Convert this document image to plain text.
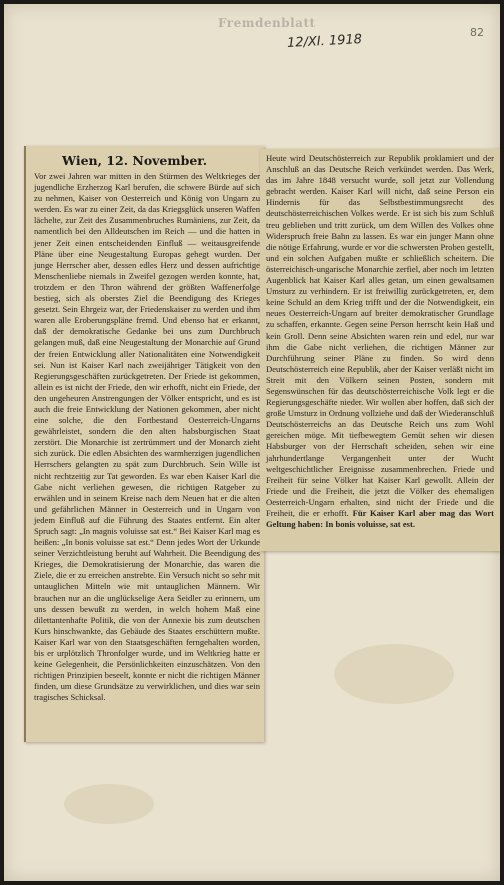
Fremdenblatt
12/XI. 1918	82
Wien, 12. November.
Vor zwei Jahren war mitten in den Stürmen des Weltkrieges der jugendliche Erzherzog Karl berufen, die schwere Bürde auf sich zu nehmen, Kaiser von Oesterreich und König von Ungarn zu werden. Es war zu einer Zeit, da das Kriegsglück unseren Waffen lächelte, zur Zeit des Zusammenbruches Rumäniens, zur Zeit, da namentlich bei den Alldeutschen im Reich — und die hatten in jener Zeit einen entscheidenden Einfluß — weitausgreifende Pläne über eine Neugestaltung Europas gehegt wurden. Der junge Herrscher aber, dessen edles Herz und dessen aufrichtige Menschenliebe niemals in Zweifel gezogen werden konnte, hat, trotzdem er den Thron während der größten Waffenerfolge bestieg, sich als oberstes Ziel die Beendigung des Krieges gesetzt. Sein Ehrgeiz war, der Friedenskaiser zu werden und ihm waren alle Eroberungspläne fremd. Und ebenso hat er erkannt, daß der demokratische Gedanke bei uns zum Durchbruch gelangen muß, daß eine Neugestaltung der Monarchie auf Grund der freien Entwicklung aller Nationalitäten eine Notwendigkeit sei. Nun ist Kaiser Karl nach zweijähriger Tätigkeit von den Regierungsgeschäften zurückgetreten. Der Friede ist gekommen, allein es ist nicht der Friede, den wir erhofft, nicht ein Friede, der den ungeheuren Anstrengungen der Völker entspricht, und es ist auch die freie Entwicklung der Nationen gekommen, aber nicht eine solche, die den Fortbestand Oesterreich-Ungarns gewährleistet, sondern die den alten habsburgischen Staat zerstört. Die Monarchie ist zertrümmert und der Monarch zieht sich zurück. Die edlen Absichten des warmherzigen jugendlichen Herrschers gelangten zu spät zum Durchbruch. Sein Wille ist nicht rechtzeitig zur Tat geworden. Es war eben Kaiser Karl die Gabe nicht verliehen gewesen, die richtigen Ratgeber zu erwählen und in seinem Kreise nach dem Neuen hat er die alten und gefährlichen Männer in Oesterreich und in Ungarn von jedem Einfluß auf die Führung des Staates entfernt. Ein alter Spruch sagt: „In magnis voluisse sat est.“ Bei Kaiser Karl mag es heißen: „In bonis voluisse sat est.“ Denn jedes Wort der Urkunde seiner Verzichtleistung beruht auf Wahrheit. Die Beendigung des Krieges, die Demokratisierung der Monarchie, das waren die Ziele, die er zu erreichen anstrebte. Ein Versuch nicht so sehr mit untauglichen Mitteln wie mit untauglichen Männern. Wir brauchen nur an die unglückselige Aera Seidler zu erinnern, um uns dessen bewußt zu werden, in welch hohem Maß eine dilettantenhafte Politik, die von der Annexie bis zum deutschen Kurs hinschwankte, das Gebäude des Staates erschüttern mußte. Kaiser Karl war von den Staatsgeschäften ferngehalten worden, bis er urplötzlich Thronfolger wurde, und im Weltkrieg hatte er keine Gelegenheit, die Persönlichkeiten einzuschätzen. Von den richtigen Prinzipien beseelt, konnte er nicht die richtigen Männer finden, um diese Grundsätze zu verwirklichen, und dies war sein tragisches Schicksal.
Heute wird Deutschösterreich zur Republik proklamiert und der Anschluß an das Deutsche Reich verkündet werden. Das Werk, das im Jahre 1848 versucht wurde, soll jetzt zur Vollendung gebracht werden. Kaiser Karl will nicht, daß seine Person ein Hindernis für das Selbstbestimmungsrecht des deutschösterreichischen Volkes werde. Er ist sich bis zum Schluß treu geblieben und tritt zurück, um dem Willen des Volkes ohne Widerspruch freie Bahn zu lassen. Es war ein junger Mann ohne die nötige Erfahrung, wurde er vor die schwersten Proben gestellt, und ein solchen Aufgaben mußte er schließlich scheitern. Die österreichisch-ungarische Monarchie zerfiel, aber noch im letzten Augenblick hat Kaiser Karl alles getan, um einen gewaltsamen Umsturz zu verhindern. Er ist freiwillig zurückgetreten, er, dem keine Schuld an dem Krieg trifft und der die Notwendigkeit, ein neues Oesterreich-Ungarn auf breiter demokratischer Grundlage zu schaffen, erkannte. Gegen seine Person herrscht kein Haß und kein Groll. Denn seine Absichten waren rein und edel, nur war ihm die Gabe nicht verliehen, die richtigen Männer zur Durchführung seiner Pläne zu finden. So wird denn Deutschösterreich eine Republik, aber der Kaiser verläßt nicht im Streit mit den Völkern seinen Posten, sondern mit Segenswünschen für das deutschösterreichische Volk legt er die Regierungsgeschäfte nieder. Wir wollen aber hoffen, daß sich der große Umsturz in Ordnung vollziehe und daß der Wiederanschluß Deutschösterreichs an das Deutsche Reich uns zum Wohl gereichen möge. Mit tiefbewegtem Gemüt sehen wir diesen Habsburger von der Herrschaft scheiden, sehen wir eine jahrhundertlange Vergangenheit unter der Wucht weltgeschichtlicher Ereignisse zusammenbrechen. Friede und Freiheit für seine Völker hat Kaiser Karl gewollt. Allein der Friede und die Freiheit, die jetzt die Völker des ehemaligen Oesterreich-Ungarn erhalten, sind nicht der Friede und die Freiheit, die er erhofft. Für Kaiser Karl aber mag das Wort Geltung haben: In bonis voluisse, sat est.
